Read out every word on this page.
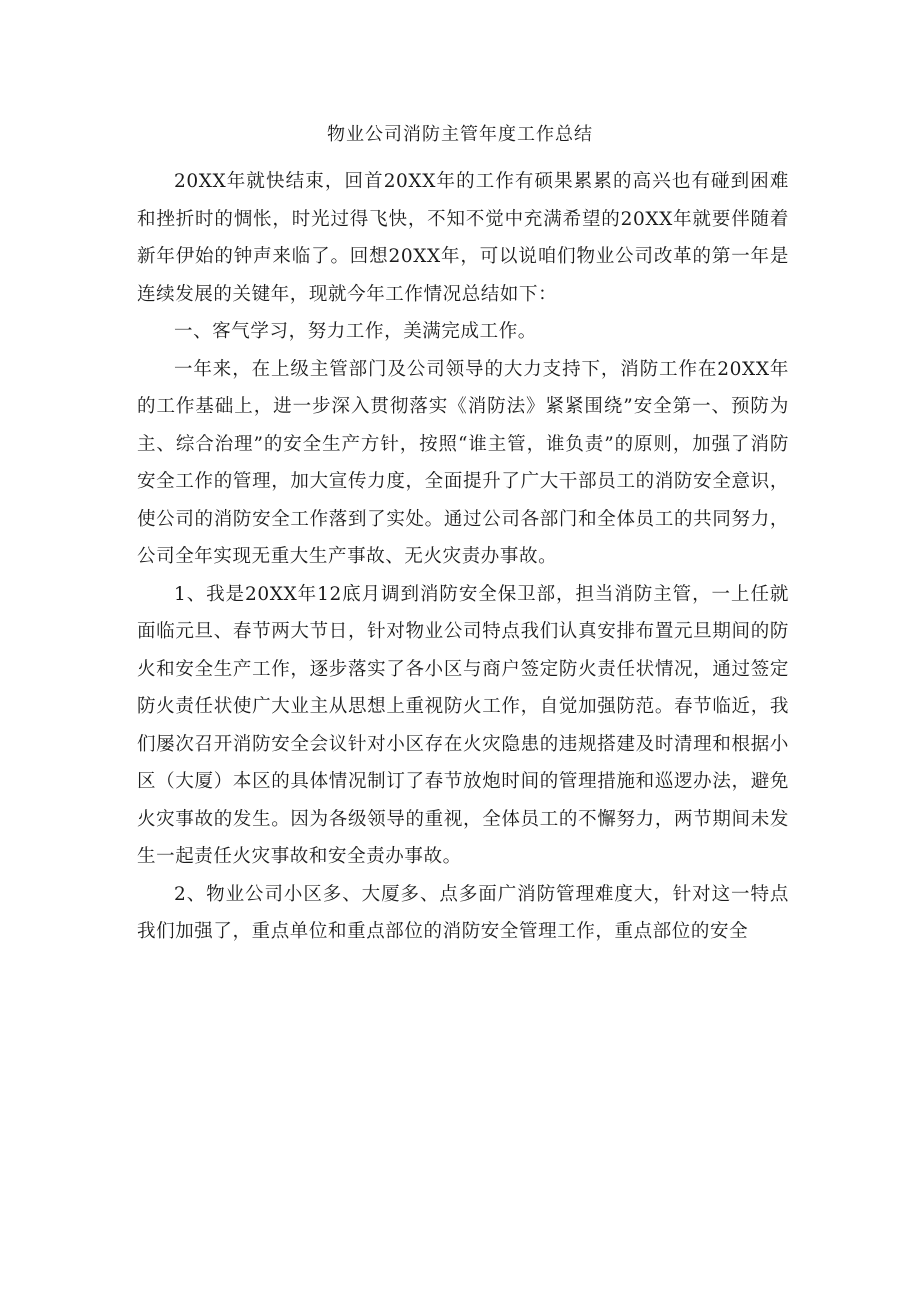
物业公司消防主管年度工作总结

20XX年就快结束，回首20XX年的工作有硕果累累的高兴也有碰到困难和挫折时的惆怅，时光过得飞快，不知不觉中充满希望的20XX年就要伴随着新年伊始的钟声来临了。回想20XX年，可以说咱们物业公司改革的第一年是连续发展的关键年，现就今年工作情况总结如下：

一、客气学习，努力工作，美满完成工作。

一年来，在上级主管部门及公司领导的大力支持下，消防工作在20XX年的工作基础上，进一步深入贯彻落实《消防法》紧紧围绕”安全第一、预防为主、综合治理”的安全生产方针，按照“谁主管，谁负责”的原则，加强了消防安全工作的管理，加大宣传力度，全面提升了广大干部员工的消防安全意识，使公司的消防安全工作落到了实处。通过公司各部门和全体员工的共同努力，公司全年实现无重大生产事故、无火灾责办事故。

1、我是20XX年12底月调到消防安全保卫部，担当消防主管，一上任就面临元旦、春节两大节日，针对物业公司特点我们认真安排布置元旦期间的防火和安全生产工作，逐步落实了各小区与商户签定防火责任状情况，通过签定防火责任状使广大业主从思想上重视防火工作，自觉加强防范。春节临近，我们屡次召开消防安全会议针对小区存在火灾隐患的违规搭建及时清理和根据小区（大厦）本区的具体情况制订了春节放炮时间的管理措施和巡逻办法，避免火灾事故的发生。因为各级领导的重视，全体员工的不懈努力，两节期间未发生一起责任火灾事故和安全责办事故。

2、物业公司小区多、大厦多、点多面广消防管理难度大，针对这一特点我们加强了，重点单位和重点部位的消防安全管理工作，重点部位的安全
